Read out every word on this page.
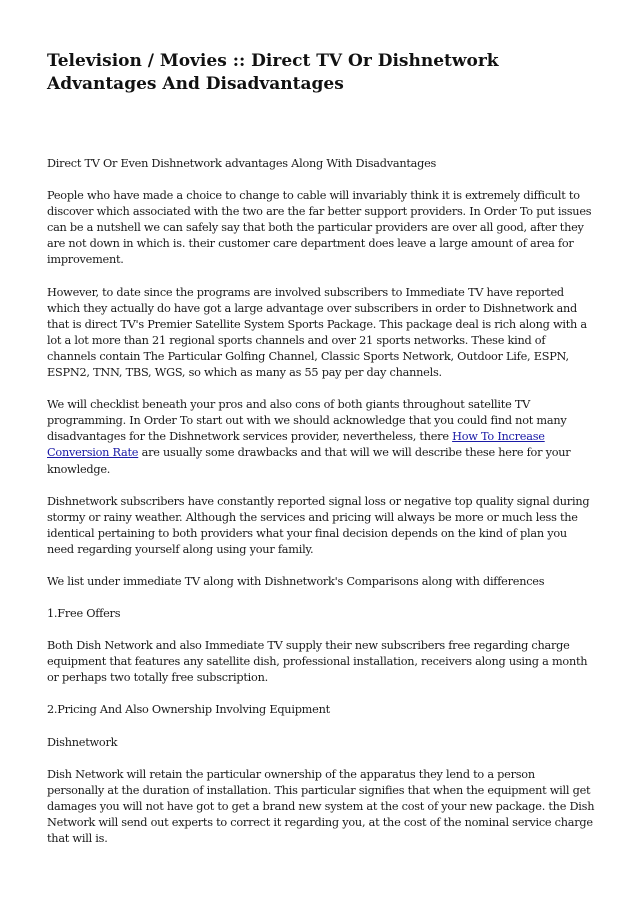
Television / Movies :: Direct TV Or Dishnetwork Advantages And Disadvantages

Direct TV Or Even Dishnetwork advantages Along With Disadvantages

People who have made a choice to change to cable will invariably think it is extremely difficult to discover which associated with the two are the far better support providers. In Order To put issues can be a nutshell we can safely say that both the particular providers are over all good, after they are not down in which is. their customer care department does leave a large amount of area for improvement.

However, to date since the programs are involved subscribers to Immediate TV have reported which they actually do have got a large advantage over subscribers in order to Dishnetwork and that is direct TV's Premier Satellite System Sports Package. This package deal is rich along with a lot a lot more than 21 regional sports channels and over 21 sports networks. These kind of channels contain The Particular Golfing Channel, Classic Sports Network, Outdoor Life, ESPN, ESPN2, TNN, TBS, WGS, so which as many as 55 pay per day channels.

We will checklist beneath your pros and also cons of both giants throughout satellite TV programming. In Order To start out with we should acknowledge that you could find not many disadvantages for the Dishnetwork services provider, nevertheless, there How To Increase Conversion Rate are usually some drawbacks and that will we will describe these here for your knowledge.

Dishnetwork subscribers have constantly reported signal loss or negative top quality signal during stormy or rainy weather. Although the services and pricing will always be more or much less the identical pertaining to both providers what your final decision depends on the kind of plan you need regarding yourself along using your family.

We list under immediate TV along with Dishnetwork's Comparisons along with differences

1.Free Offers

Both Dish Network and also Immediate TV supply their new subscribers free regarding charge equipment that features any satellite dish, professional installation, receivers along using a month or perhaps two totally free subscription.

2.Pricing And Also Ownership Involving Equipment

Dishnetwork

Dish Network will retain the particular ownership of the apparatus they lend to a person personally at the duration of installation. This particular signifies that when the equipment will get damages you will not have got to get a brand new system at the cost of your new package. the Dish Network will send out experts to correct it regarding you, at the cost of the nominal service charge that will is.
